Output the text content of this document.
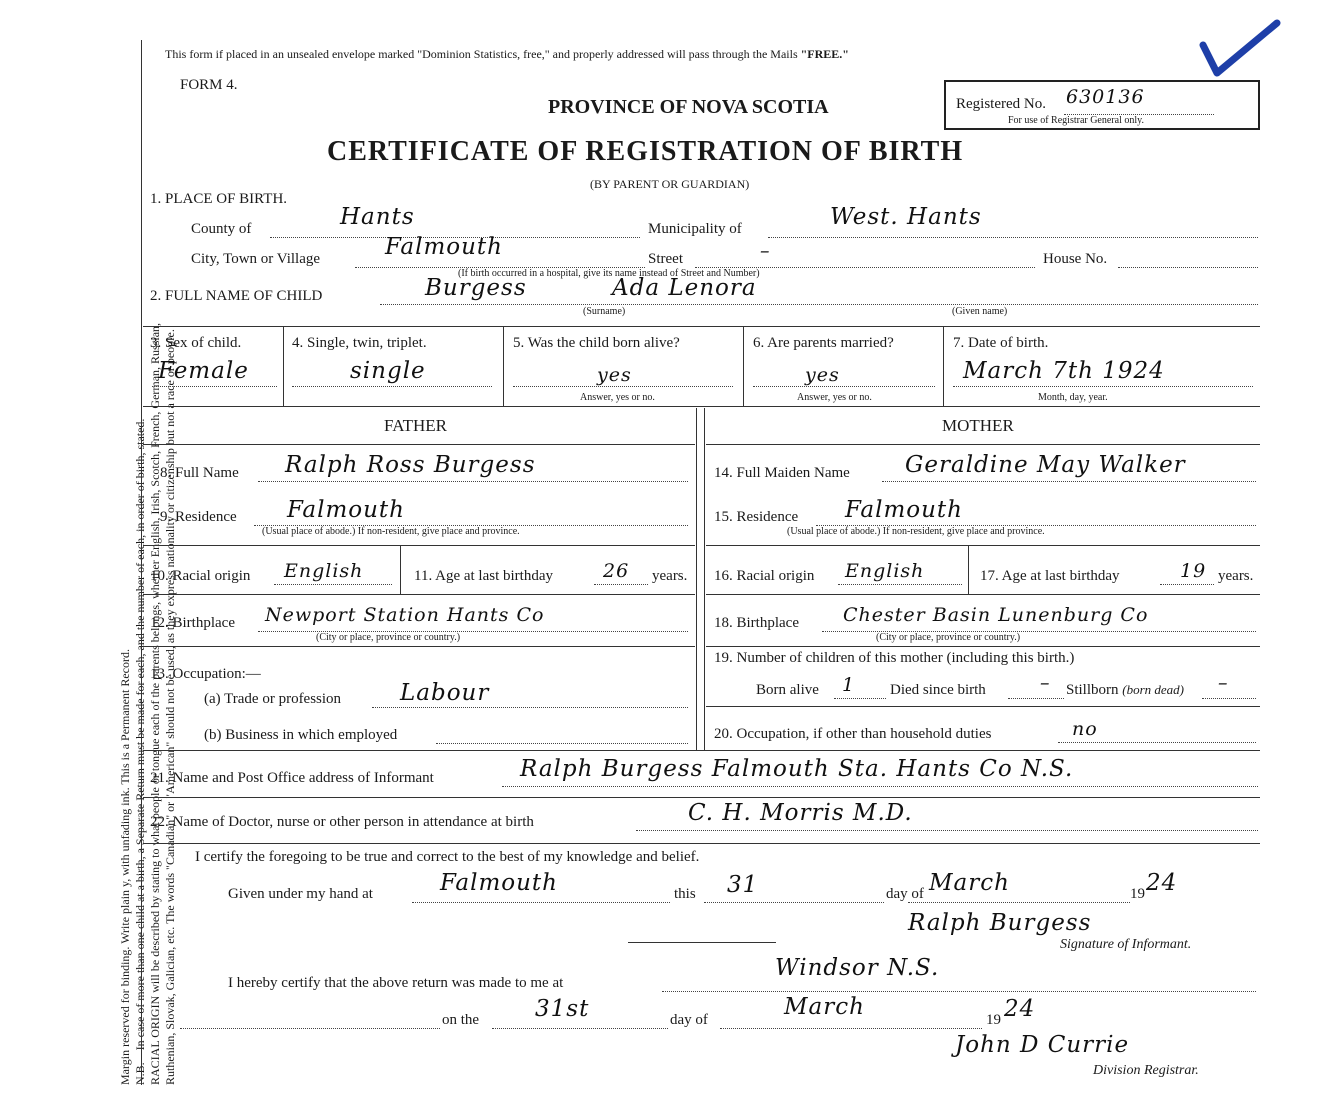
Margin reserved for binding. Write plain y, with unfading ink. This is a Permanent Record. N.B.—In case of more than one child at a birth, a Separate Return must be made for each, and the number of each, in order of birth, stated. RACIAL ORIGIN will be described by stating to what people or tongue each of the parents belongs, whether English, Irish, Scotch, French, German, Russian, Ruthenian, Slovak, Galician, etc. The words "Canadian" or "American" should not be used, as they express nationality or citizenship but not a race or people.
This form if placed in an unsealed envelope marked "Dominion Statistics, free," and properly addressed will pass through the Mails "FREE."
FORM 4.
PROVINCE OF NOVA SCOTIA	Registered No. 630136
For use of Registrar General only.
CERTIFICATE OF REGISTRATION OF BIRTH
(BY PARENT OR GUARDIAN)
1. PLACE OF BIRTH.
County of	Hants	Municipality of	West. Hants
City, Town or Village	Falmouth	Street	–	House No.
(If birth occurred in a hospital, give its name instead of Street and Number)
2. FULL NAME OF CHILD	Burgess	Ada Lenora
(Surname)	(Given name)
3. Sex of child.
Female
4. Single, twin, triplet.
single
5. Was the child born alive?
yes
Answer, yes or no.
6. Are parents married?
yes
Answer, yes or no.
7. Date of birth.
March 7th 1924
Month, day, year.
FATHER	MOTHER
8. Full Name Ralph Ross Burgess
9. Residence Falmouth
(Usual place of abode.) If non-resident, give place and province.
10. Racial origin English	11. Age at last birthday	26 years.
12. Birthplace Newport Station Hants Co
(City or place, province or country.)
13. Occupation:—
(a) Trade or profession	Labour
(b) Business in which employed
14. Full Maiden Name Geraldine May Walker
15. Residence Falmouth
(Usual place of abode.) If non-resident, give place and province.
16. Racial origin English	17. Age at last birthday	19 years.
18. Birthplace Chester Basin Lunenburg Co
(City or place, province or country.)
19. Number of children of this mother (including this birth.)
Born alive 1 Died since birth	– Stillborn (born dead) –
20. Occupation, if other than household duties	no
21. Name and Post Office address of Informant	Ralph Burgess Falmouth Sta. Hants Co N.S.
22. Name of Doctor, nurse or other person in attendance at birth	C. H. Morris M.D.
I certify the foregoing to be true and correct to the best of my knowledge and belief.
Given under my hand at	Falmouth	this 31	day of March	19 24
Ralph Burgess
Signature of Informant.
I hereby certify that the above return was made to me at
Windsor N.S.
on the 31st	day of	March	19 24
John D Currie
Division Registrar.
